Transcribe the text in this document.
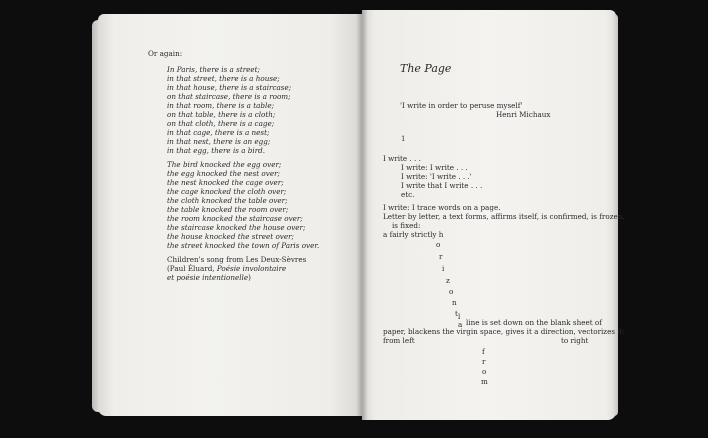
Or again:
In Paris, there is a street;
in that street, there is a house;
in that house, there is a staircase;
on that staircase, there is a room;
in that room, there is a table;
on that table, there is a cloth;
on that cloth, there is a cage;
in that cage, there is a nest;
in that nest, there is an egg;
in that egg, there is a bird.
The bird knocked the egg over;
the egg knocked the nest over;
the nest knocked the cage over;
the cage knocked the cloth over;
the cloth knocked the table over;
the table knocked the room over;
the room knocked the staircase over;
the staircase knocked the house over;
the house knocked the street over;
the street knocked the town of Paris over.
Children's song from Les Deux-Sèvres
(Paul Éluard, Poésie involontaire
et poésie intentionelle)
The Page
'I write in order to peruse myself'
Henri Michaux
1
I write . . .
I write: I write . . .
I write: 'I write . . .'
I write that I write . . .
etc.
I write: I trace words on a page.
Letter by letter, a text forms, affirms itself, is confirmed, is frozen,
is fixed:
a fairly strictly h
o
r
i
z
o
n
t
a
l
line is set down on the blank sheet of
paper, blackens the virgin space, gives it a direction, vectorizes it:
from left	to right
f
r
o
m
